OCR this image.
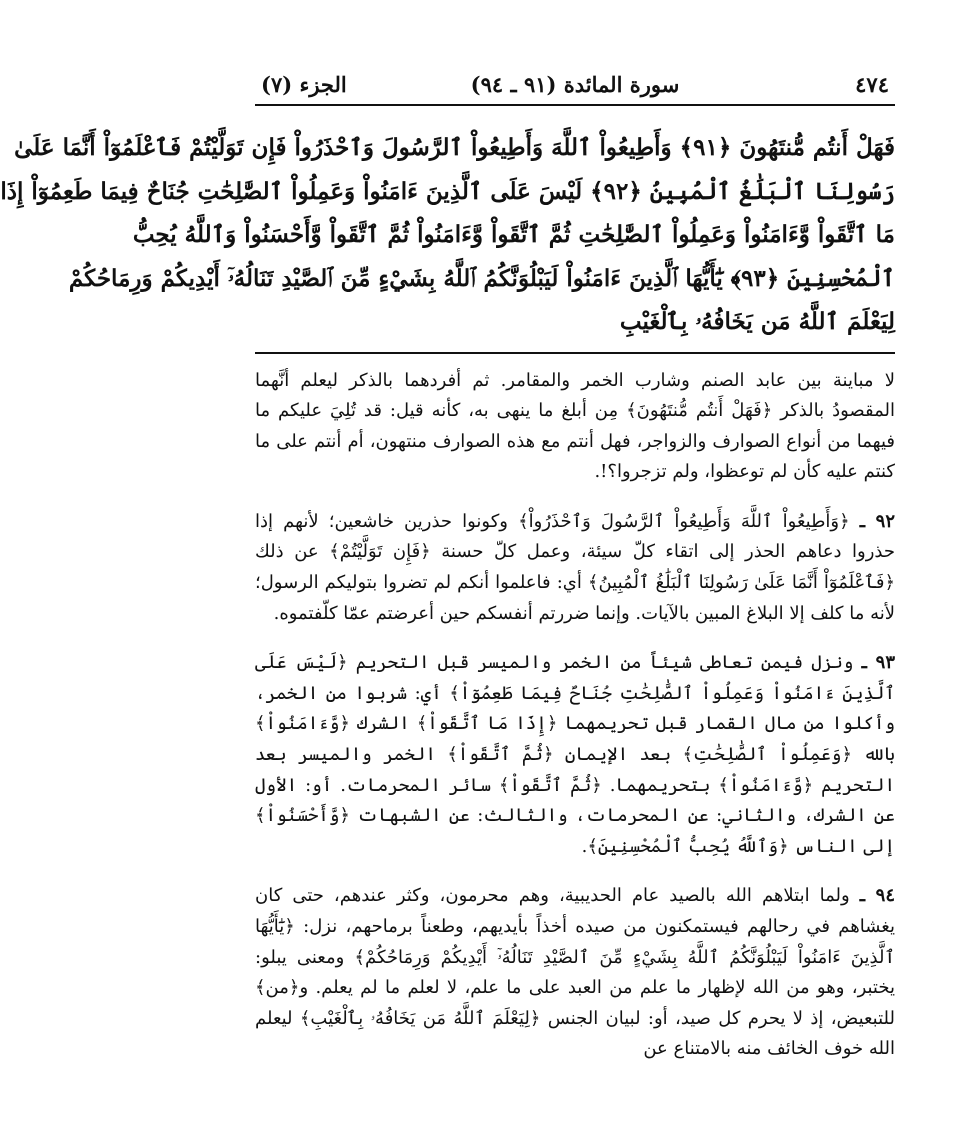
٤٧٤
سورة المائدة (٩١ ـ ٩٤)
الجزء (٧)
فَهَلْ أَنتُم مُّنتَهُونَ ﴿٩١﴾ وَأَطِيعُواْ ٱللَّهَ وَأَطِيعُواْ ٱلرَّسُولَ وَٱحْذَرُواْ فَإِن تَوَلَّيْتُمْ فَٱعْلَمُوٓاْ أَنَّمَا عَلَىٰ
رَسُولِنَا ٱلْبَلَٰغُ ٱلْمُبِينُ ﴿٩٢﴾ لَيْسَ عَلَى ٱلَّذِينَ ءَامَنُواْ وَعَمِلُواْ ٱلصَّٰلِحَٰتِ جُنَاحٌ فِيمَا طَعِمُوٓاْ إِذَا
مَا ٱتَّقَواْ وَّءَامَنُواْ وَعَمِلُواْ ٱلصَّٰلِحَٰتِ ثُمَّ ٱتَّقَواْ وَّءَامَنُواْ ثُمَّ ٱتَّقَواْ وَّأَحْسَنُواْ وَٱللَّهُ يُحِبُّ
ٱلْمُحْسِنِينَ ﴿٩٣﴾ يَٰٓأَيُّهَا ٱلَّذِينَ ءَامَنُواْ لَيَبْلُوَنَّكُمُ ٱللَّهُ بِشَيْءٍ مِّنَ ٱلصَّيْدِ تَنَالُهُۥٓ أَيْدِيكُمْ وَرِمَاحُكُمْ
لِيَعْلَمَ ٱللَّهُ مَن يَخَافُهُۥ بِٱلْغَيْبِ

لا مباينة بين عابد الصنم وشارب الخمر والمقامر. ثم أفردهما بالذكر ليعلم أنَّهما المقصودُ بالذكر ﴿فَهَلْ أَنتُم مُّنتَهُونَ﴾ مِن أبلغ ما ينهى به، كأنه قيل: قد تُلِيَ عليكم ما فيهما من أنواع الصوارف والزواجر، فهل أنتم مع هذه الصوارف منتهون، أم أنتم على ما كنتم عليه كأن لم توعظوا، ولم تزجروا؟!.

٩٢ ـ ﴿وَأَطِيعُواْ ٱللَّهَ وَأَطِيعُواْ ٱلرَّسُولَ وَٱحْذَرُواْ﴾ وكونوا حذرين خاشعين؛ لأنهم إذا حذروا دعاهم الحذر إلى اتقاء كلّ سيئة، وعمل كلّ حسنة ﴿فَإِن تَوَلَّيْتُمْ﴾ عن ذلك ﴿فَٱعْلَمُوٓاْ أَنَّمَا عَلَىٰ رَسُولِنَا ٱلْبَلَٰغُ ٱلْمُبِينُ﴾ أي: فاعلموا أنكم لم تضروا بتوليكم الرسول؛ لأنه ما كلف إلا البلاغ المبين بالآيات. وإنما ضررتم أنفسكم حين أعرضتم عمّا كلّفتموه.

٩٣ ـ ونزل فيمن تعاطى شيئاً من الخمر والميسر قبل التحريم ﴿لَيْسَ عَلَى ٱلَّذِينَ ءَامَنُواْ وَعَمِلُواْ ٱلصَّٰلِحَٰتِ جُنَاحٌ فِيمَا طَعِمُوٓاْ﴾ أي: شربوا من الخمر، وأكلوا من مال القمار قبل تحريمهما ﴿إِذَا مَا ٱتَّقَواْ﴾ الشرك ﴿وَّءَامَنُواْ﴾ بالله ﴿وَعَمِلُواْ ٱلصَّٰلِحَٰتِ﴾ بعد الإيمان ﴿ثُمَّ ٱتَّقَواْ﴾ الخمر والميسر بعد التحريم ﴿وَّءَامَنُواْ﴾ بتحريمهما. ﴿ثُمَّ ٱتَّقَواْ﴾ سائر المحرمات. أو: الأول عن الشرك، والثاني: عن المحرمات، والثالث: عن الشبهات ﴿وَّأَحْسَنُواْ﴾ إلى الناس ﴿وَٱللَّهُ يُحِبُّ ٱلْمُحْسِنِينَ﴾.

٩٤ ـ ولما ابتلاهم الله بالصيد عام الحديبية، وهم محرمون، وكثر عندهم، حتى كان يغشاهم في رحالهم فيستمكنون من صيده أخذاً بأيديهم، وطعناً برماحهم، نزل: ﴿يَٰٓأَيُّهَا ٱلَّذِينَ ءَامَنُواْ لَيَبْلُوَنَّكُمُ ٱللَّهُ بِشَيْءٍ مِّنَ ٱلصَّيْدِ تَنَالُهُۥٓ أَيْدِيكُمْ وَرِمَاحُكُمْ﴾ ومعنى يبلو: يختبر، وهو من الله لإظهار ما علم من العبد على ما علم، لا لعلم ما لم يعلم. و﴿من﴾ للتبعيض، إذ لا يحرم كل صيد، أو: لبيان الجنس ﴿لِيَعْلَمَ ٱللَّهُ مَن يَخَافُهُۥ بِٱلْغَيْبِ﴾ ليعلم الله خوف الخائف منه بالامتناع عن
